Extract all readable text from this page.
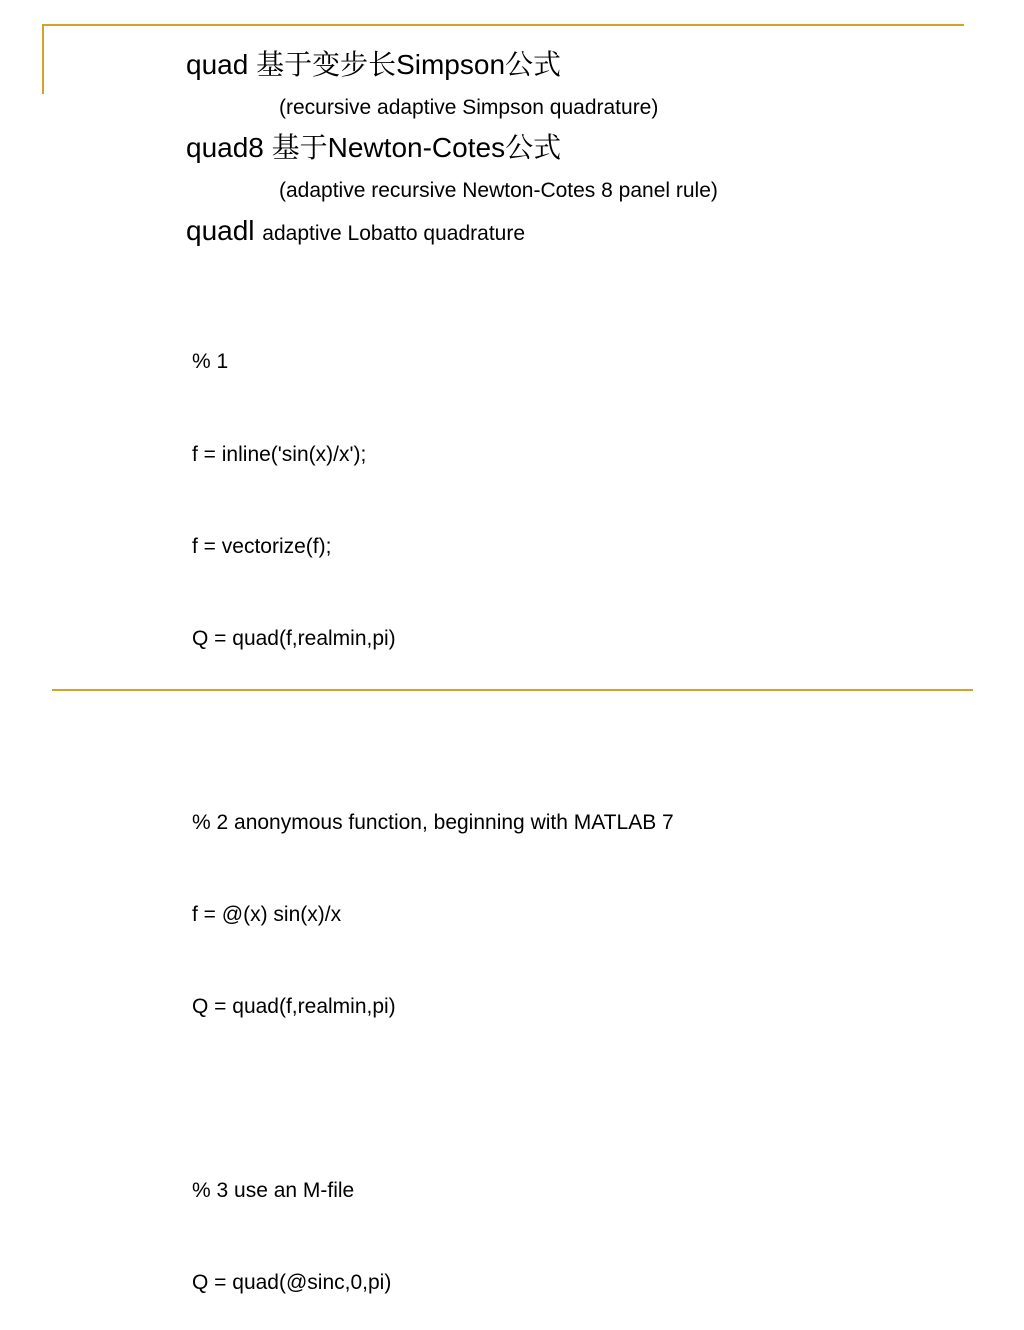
quad 基于变步长Simpson公式
(recursive adaptive Simpson quadrature)
quad8 基于Newton-Cotes公式
(adaptive recursive Newton-Cotes 8 panel rule)
quadl adaptive Lobatto quadrature

% 1

f = inline('sin(x)/x');

f = vectorize(f);

Q = quad(f,realmin,pi)

% 2 anonymous function, beginning with MATLAB 7

f = @(x) sin(x)/x

Q = quad(f,realmin,pi)

% 3 use an M-file

Q = quad(@sinc,0,pi)
